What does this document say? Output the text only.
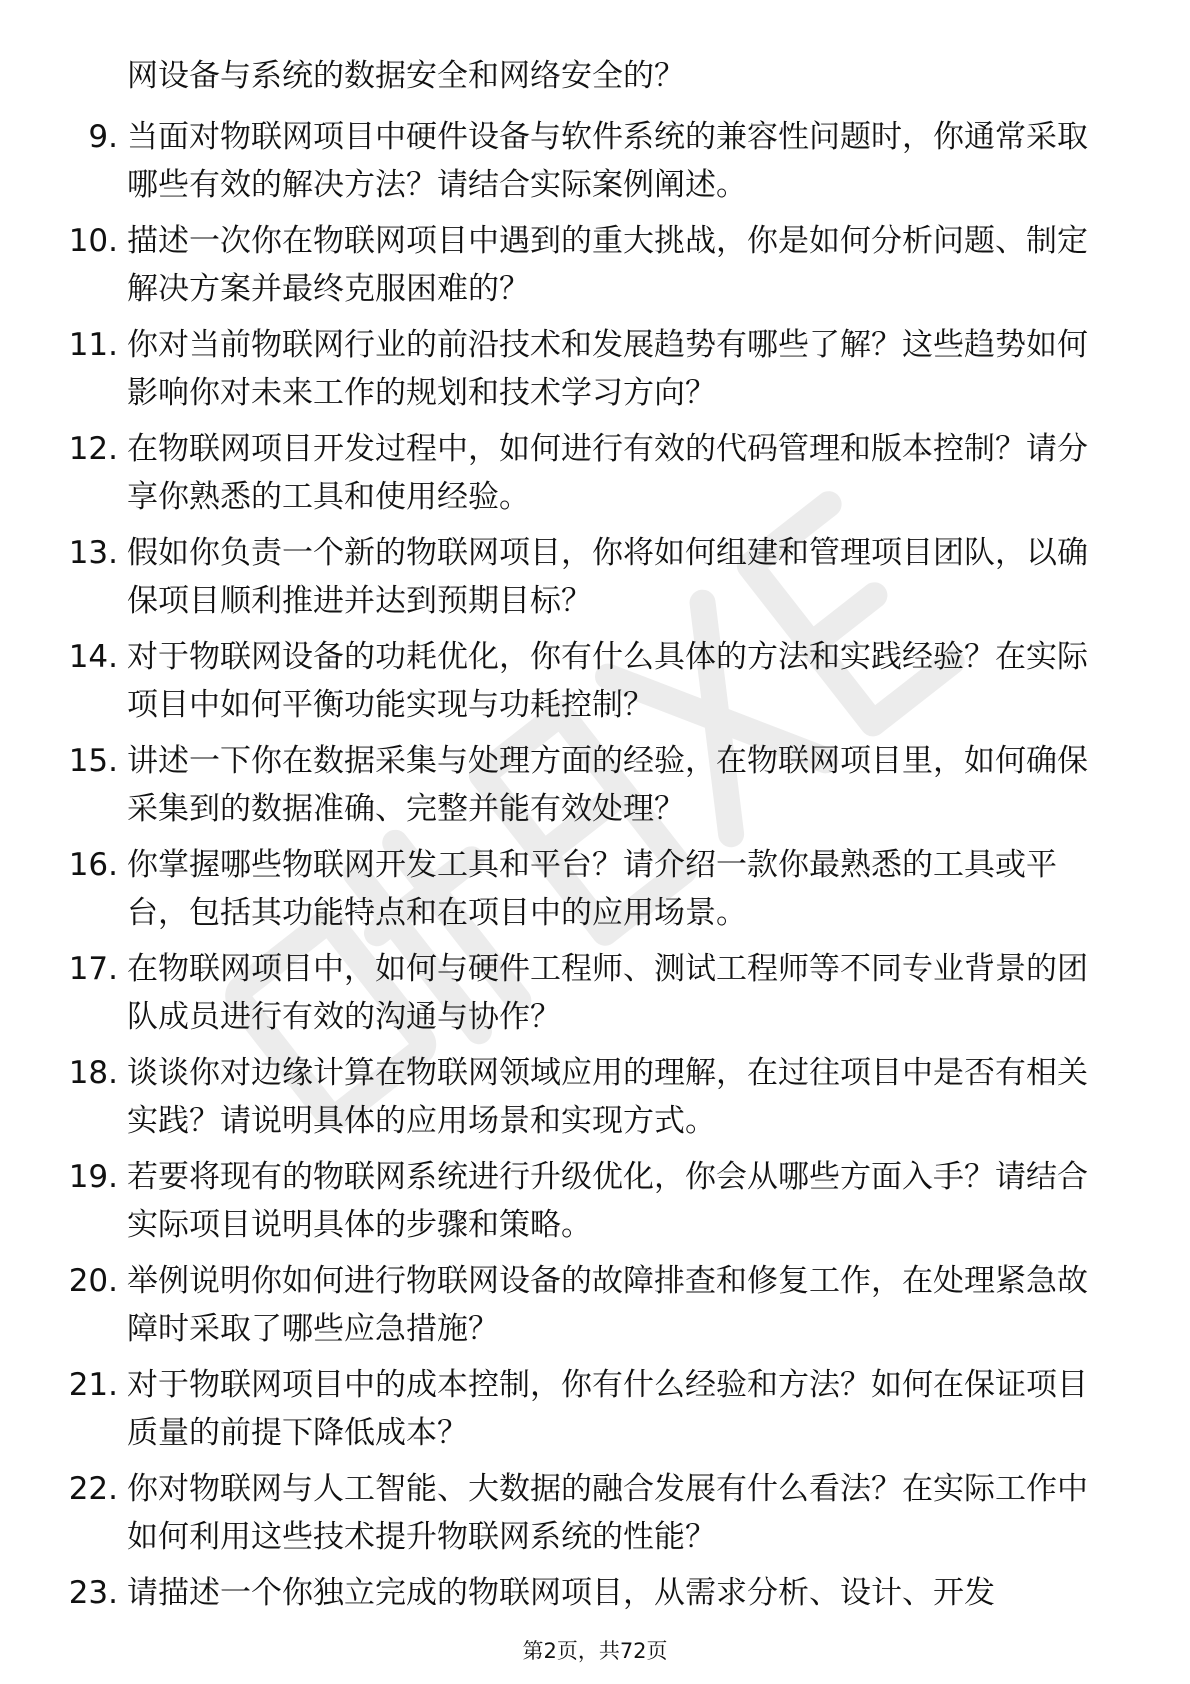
网设备与系统的数据安全和网络安全的？

9. 当面对物联网项目中硬件设备与软件系统的兼容性问题时，你通常采取哪些有效的解决方法？请结合实际案例阐述。

10. 描述一次你在物联网项目中遇到的重大挑战，你是如何分析问题、制定解决方案并最终克服困难的？

11. 你对当前物联网行业的前沿技术和发展趋势有哪些了解？这些趋势如何影响你对未来工作的规划和技术学习方向？

12. 在物联网项目开发过程中，如何进行有效的代码管理和版本控制？请分享你熟悉的工具和使用经验。

13. 假如你负责一个新的物联网项目，你将如何组建和管理项目团队，以确保项目顺利推进并达到预期目标？

14. 对于物联网设备的功耗优化，你有什么具体的方法和实践经验？在实际项目中如何平衡功能实现与功耗控制？

15. 讲述一下你在数据采集与处理方面的经验，在物联网项目里，如何确保采集到的数据准确、完整并能有效处理？

16. 你掌握哪些物联网开发工具和平台？请介绍一款你最熟悉的工具或平台，包括其功能特点和在项目中的应用场景。

17. 在物联网项目中，如何与硬件工程师、测试工程师等不同专业背景的团队成员进行有效的沟通与协作？

18. 谈谈你对边缘计算在物联网领域应用的理解，在过往项目中是否有相关实践？请说明具体的应用场景和实现方式。

19. 若要将现有的物联网系统进行升级优化，你会从哪些方面入手？请结合实际项目说明具体的步骤和策略。

20. 举例说明你如何进行物联网设备的故障排查和修复工作，在处理紧急故障时采取了哪些应急措施？

21. 对于物联网项目中的成本控制，你有什么经验和方法？如何在保证项目质量的前提下降低成本？

22. 你对物联网与人工智能、大数据的融合发展有什么看法？在实际工作中如何利用这些技术提升物联网系统的性能？

23. 请描述一个你独立完成的物联网项目，从需求分析、设计、开发

第2页，共72页
